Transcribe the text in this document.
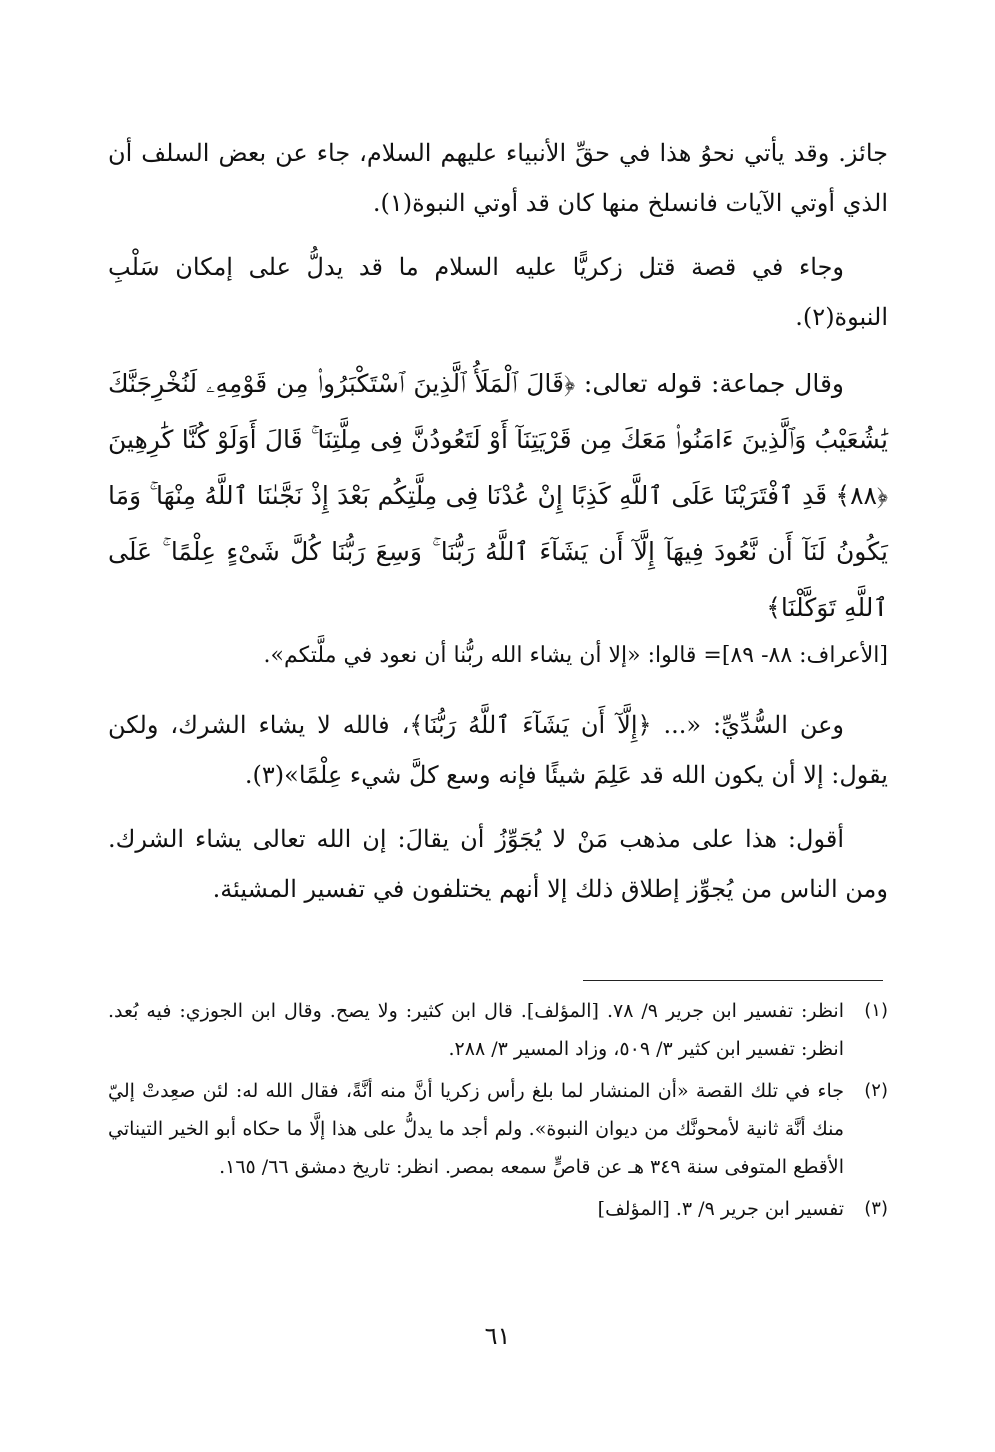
جائز. وقد يأتي نحوُ هذا في حقِّ الأنبياء عليهم السلام، جاء عن بعض السلف أن الذي أوتي الآيات فانسلخ منها كان قد أوتي النبوة(١).

وجاء في قصة قتل زكريًّا عليه السلام ما قد يدلُّ على إمكان سَلْبِ النبوة(٢).

وقال جماعة: قوله تعالى: ﴿قَالَ ٱلْمَلَأُ ٱلَّذِينَ ٱسْتَكْبَرُوا۟ مِن قَوْمِهِۦ لَنُخْرِجَنَّكَ يَٰشُعَيْبُ وَٱلَّذِينَ ءَامَنُوا۟ مَعَكَ مِن قَرْيَتِنَآ أَوْ لَتَعُودُنَّ فِى مِلَّتِنَا ۚ قَالَ أَوَلَوْ كُنَّا كَٰرِهِينَ ﴿٨٨﴾ قَدِ ٱفْتَرَيْنَا عَلَى ٱللَّهِ كَذِبًا إِنْ عُدْنَا فِى مِلَّتِكُم بَعْدَ إِذْ نَجَّىٰنَا ٱللَّهُ مِنْهَا ۚ وَمَا يَكُونُ لَنَآ أَن نَّعُودَ فِيهَآ إِلَّآ أَن يَشَآءَ ٱللَّهُ رَبُّنَا ۚ وَسِعَ رَبُّنَا كُلَّ شَىْءٍ عِلْمًا ۚ عَلَى ٱللَّهِ تَوَكَّلْنَا﴾

[الأعراف: ٨٨- ٨٩]= قالوا: «إلا أن يشاء الله ربُّنا أن نعود في ملَّتكم».

وعن السُّدِّيِّ: «... ﴿إِلَّآ أَن يَشَآءَ ٱللَّهُ رَبُّنَا﴾، فالله لا يشاء الشرك، ولكن يقول: إلا أن يكون الله قد عَلِمَ شيئًا فإنه وسع كلَّ شيء عِلْمًا»(٣).

أقول: هذا على مذهب مَنْ لا يُجَوِّزُ أن يقالَ: إن الله تعالى يشاء الشرك. ومن الناس من يُجوِّز إطلاق ذلك إلا أنهم يختلفون في تفسير المشيئة.

(١)
انظر: تفسير ابن جرير ٩/ ٧٨. [المؤلف]. قال ابن كثير: ولا يصح. وقال ابن الجوزي: فيه بُعد. انظر: تفسير ابن كثير ٣/ ٥٠٩، وزاد المسير ٣/ ٢٨٨.
(٢)
جاء في تلك القصة «أن المنشار لما بلغ رأس زكريا أنَّ منه أنَّةً، فقال الله له: لئن صعِدتْ إليّ منك أنَّة ثانية لأمحونَّك من ديوان النبوة». ولم أجد ما يدلُّ على هذا إلَّا ما حكاه أبو الخير التيناتي الأقطع المتوفى سنة ٣٤٩ هـ عن قاصٍّ سمعه بمصر. انظر: تاريخ دمشق ٦٦/ ١٦٥.
(٣)
تفسير ابن جرير ٩/ ٣. [المؤلف]
٦١
